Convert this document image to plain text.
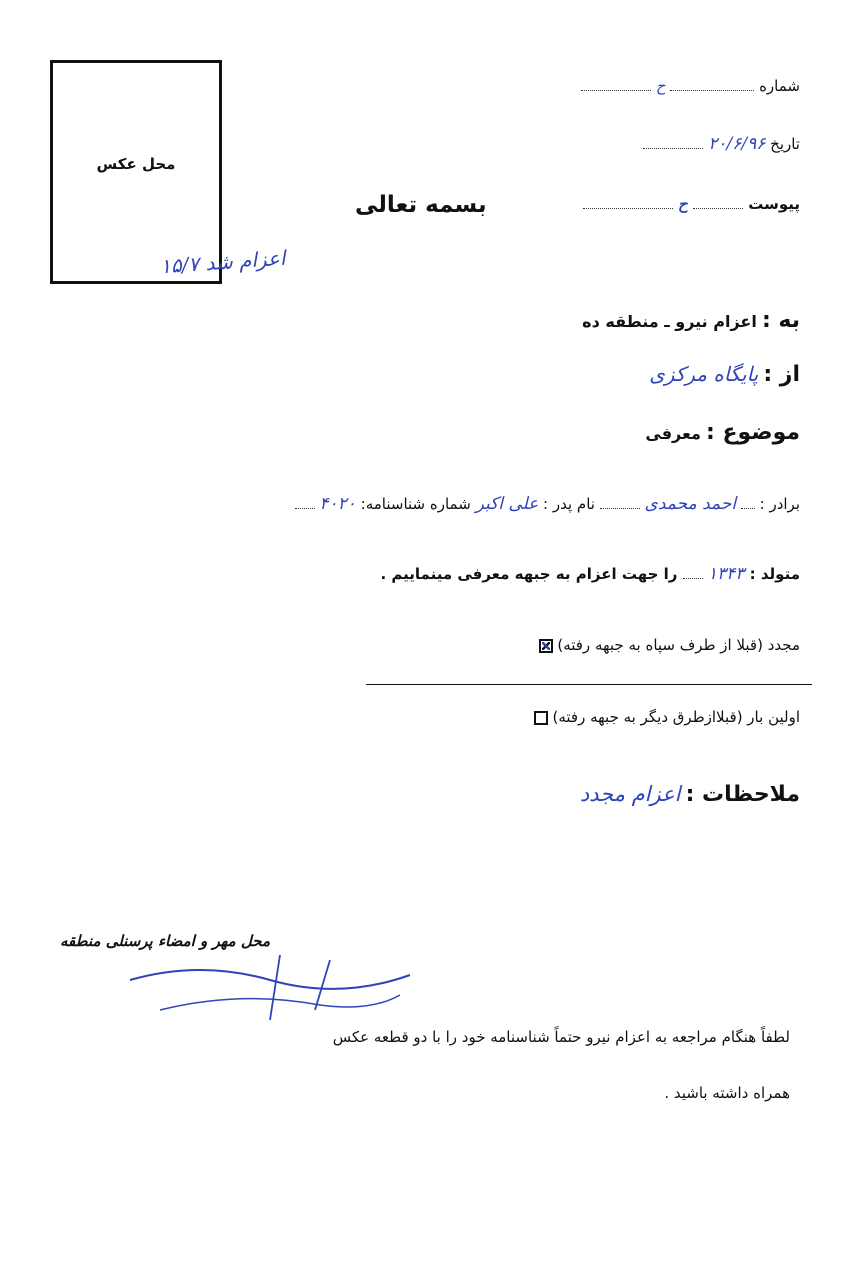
محل عکس
شماره  ح
تاریخ ۲۰/۶/۹۶
پیوست  ح
بسمه تعالی
اعزام شد ۱۵/۷
به : اعزام نیرو ـ منطقه ده
از : پایگاه مرکزی
موضوع : معرفی
برادر :  احمد محمدی  نام پدر : علی اکبر شماره شناسنامه: ۴۰۲۰
متولد : ۱۳۴۳  را جهت اعزام به جبهه معرفی مینماییم .
مجدد (قبلا از طرف سپاه به جبهه رفته)
اولین بار (قبلاازطرق دیگر به جبهه رفته)
ملاحظات : اعزام مجدد
محل مهر و امضاء پرسنلی منطقه
لطفاً هنگام مراجعه به اعزام نیرو حتماً شناسنامه خود را با دو قطعه عکس
همراه داشته باشید .
